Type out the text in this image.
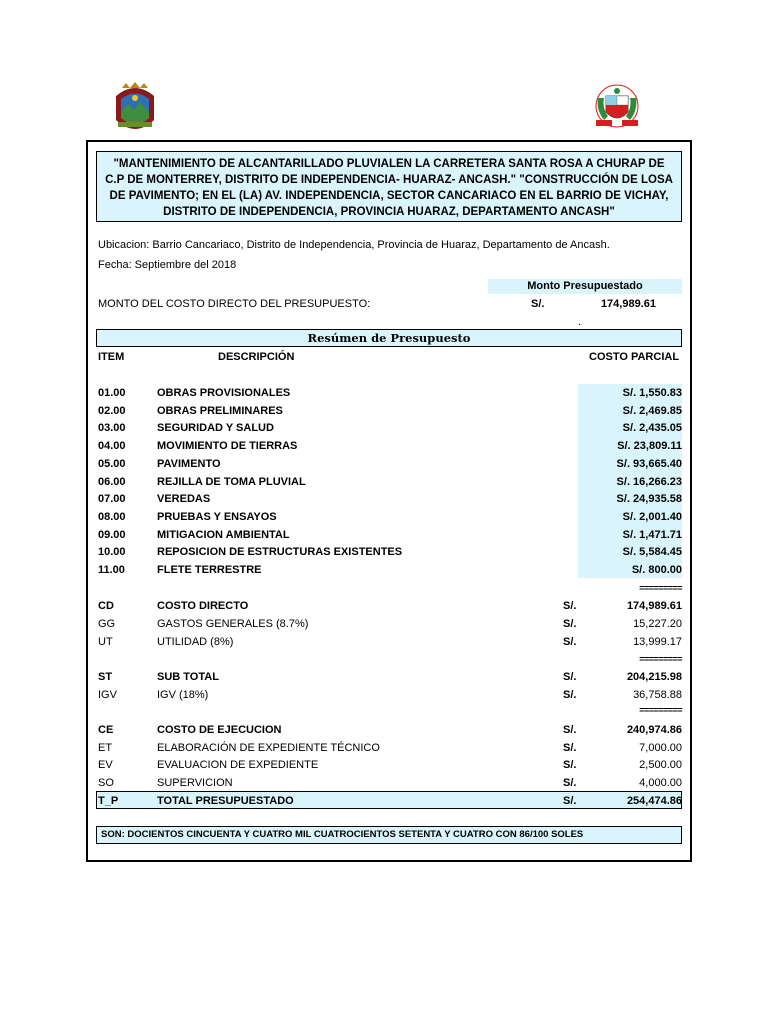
"MANTENIMIENTO DE ALCANTARILLADO PLUVIALEN LA CARRETERA SANTA ROSA A CHURAP DE C.P DE MONTERREY, DISTRITO DE INDEPENDENCIA- HUARAZ- ANCASH." "CONSTRUCCIÓN DE LOSA DE PAVIMENTO; EN EL (LA) AV. INDEPENDENCIA, SECTOR CANCARIACO EN EL BARRIO DE VICHAY, DISTRITO DE INDEPENDENCIA, PROVINCIA HUARAZ, DEPARTAMENTO ANCASH"
Ubicacion: Barrio Cancariaco, Distrito de Independencia, Provincia de Huaraz, Departamento de Ancash.
Fecha: Septiembre del 2018
Monto Presupuestado
MONTO DEL COSTO DIRECTO DEL PRESUPUESTO:	S/.	174,989.61
.
Resúmen de Presupuesto
ITEM	DESCRIPCIÓN	COSTO PARCIAL
01.00	OBRAS PROVISIONALES	S/. 1,550.83
02.00	OBRAS PRELIMINARES	S/. 2,469.85
03.00	SEGURIDAD Y SALUD	S/. 2,435.05
04.00	MOVIMIENTO DE TIERRAS	S/. 23,809.11
05.00	PAVIMENTO	S/. 93,665.40
06.00	REJILLA DE TOMA PLUVIAL	S/. 16,266.23
07.00	VEREDAS	S/. 24,935.58
08.00	PRUEBAS Y ENSAYOS	S/. 2,001.40
09.00	MITIGACION AMBIENTAL	S/. 1,471.71
10.00	REPOSICION DE ESTRUCTURAS EXISTENTES	S/. 5,584.45
11.00	FLETE TERRESTRE	S/. 800.00
CD	COSTO DIRECTO	S/.	174,989.61
GG	GASTOS GENERALES (8.7%)	S/.	15,227.20
UT	UTILIDAD (8%)	S/.	13,999.17
ST	SUB TOTAL	S/.	204,215.98
IGV	IGV (18%)	S/.	36,758.88
CE	COSTO DE EJECUCION	S/.	240,974.86
ET	ELABORACIÓN DE EXPEDIENTE TÉCNICO	S/.	7,000.00
EV	EVALUACION DE EXPEDIENTE	S/.	2,500.00
SO	SUPERVICION	S/.	4,000.00
T_P	TOTAL PRESUPUESTADO	S/.	254,474.86
SON: DOCIENTOS CINCUENTA Y CUATRO MIL CUATROCIENTOS SETENTA Y CUATRO CON 86/100 SOLES
=========
=========
=========
